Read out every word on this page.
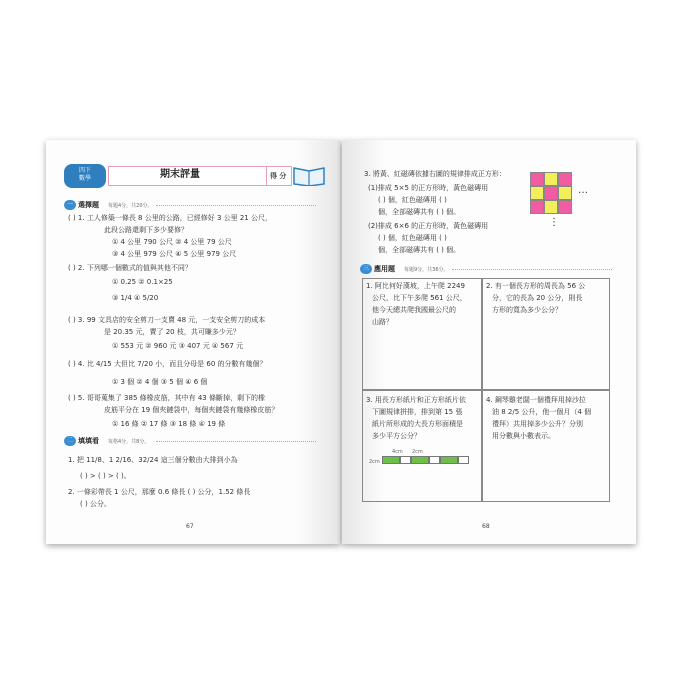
四下
數學	期末評量	得 分
一 選擇題 每題4分，共20分。
( ) 1. 工人修築一條長 8 公里的公路，已經修好 3 公里 21 公尺，
此段公路還剩下多少要修？
① 4 公里 790 公尺 ② 4 公里 79 公尺
③ 4 公里 979 公尺 ④ 5 公里 979 公尺
( ) 2. 下列哪一個數式的值與其他不同？
① 0.25 ② 0.1×25
③ 1/4 ④ 5/20
( ) 3. 99 文具店的安全剪刀一支賣 48 元，一支安全剪刀的成本
是 20.35 元，賣了 20 枝，共可賺多少元？
① 553 元 ② 960 元 ③ 407 元 ④ 567 元
( ) 4. 比 4/15 大但比 7/20 小，而且分母是 60 的分數有幾個？
① 3 個 ② 4 個 ③ 5 個 ④ 6 個
( ) 5. 哥哥蒐集了 385 條橡皮筋，其中有 43 條斷掉，剩下的橡
皮筋平分在 19 個夾鏈袋中，每個夾鏈袋有幾條橡皮筋？
① 16 條 ② 17 條 ③ 18 條 ④ 19 條
二 填填看 每格4分，共8分。
1. 把 11/8、1 2/16、32/24 這三個分數由大排到小為
( ) > ( ) > ( )。
2. 一條彩帶長 1 公尺，那麼 0.6 條長 ( ) 公分，1.52 條長
( ) 公分。
67
3. 將黃、紅磁磚依據右圖的規律排成正方形：
(1)排成 5×5 的正方形時，黃色磁磚用
( ) 個，紅色磁磚用 ( )
個，全部磁磚共有 ( ) 個。
(2)排成 6×6 的正方形時，黃色磁磚用
( ) 個，紅色磁磚用 ( )
個，全部磁磚共有 ( ) 個。
…
⋮
三 應用題 每題9分，共36分。
1. 阿比何好漢坡，上午爬 2249
公尺，比下午多爬 561 公尺，
他今天總共爬我國最公尺的
山路？
2. 有一個長方形的周長為 56 公
分，它的長為 20 公分，則長
方形的寬為多少公分？
3. 用長方形紙片和正方形紙片依
下圖規律拼排，排到第 15 張
紙片所形成的大長方形面積是
多少平方公分？
4cm 2cm
2cm
4. 鋼琴雞老闆一個禮拜用掉沙拉
油 8 2/5 公升，他一個月（4 個
禮拜）共用掉多少公升？分別
用分數與小數表示。
68
